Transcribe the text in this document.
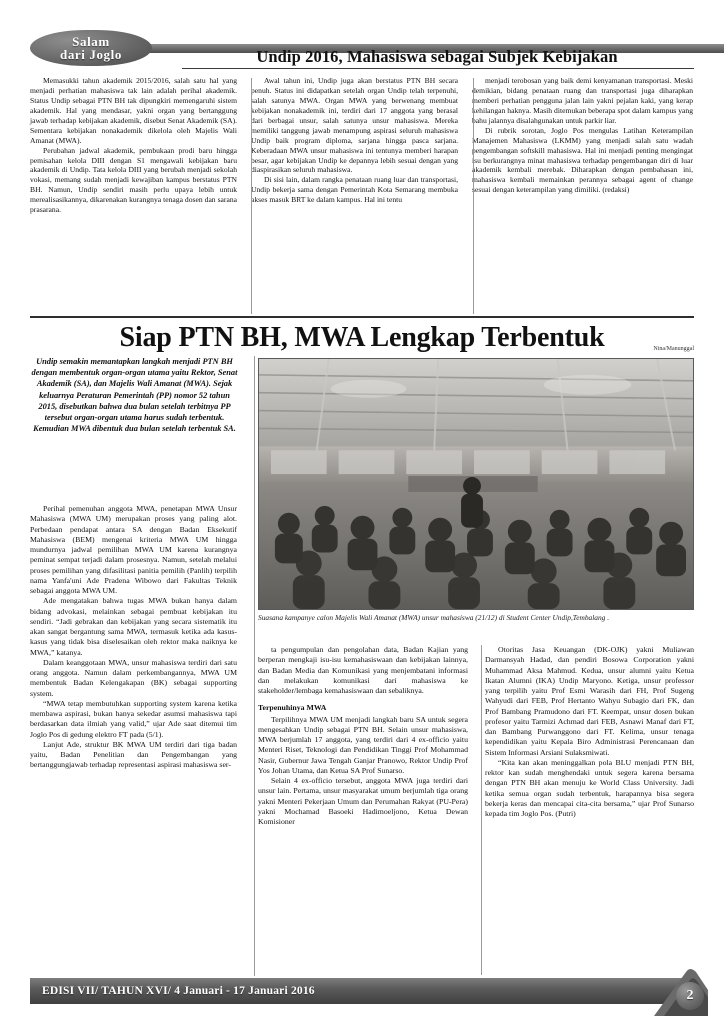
Salam
dari Joglo	Undip 2016, Mahasiswa sebagai Subjek Kebijakan

Memasukki tahun akademik 2015/2016, salah satu hal yang menjadi perhatian mahasiswa tak lain adalah perihal akademik. Status Undip sebagai PTN BH tak dipungkiri memengaruhi sistem akademik. Hal yang mendasar, yakni organ yang bertanggung jawab terhadap kebijakan akademik, disebut Senat Akademik (SA). Sementara kebijakan nonakademik dikelola oleh Majelis Wali Amanat (MWA).

Perubahan jadwal akademik, pembukaan prodi baru hingga pemisahan kelola DIII dengan S1 mengawali kebijakan baru akademik di Undip. Tata kelola DIII yang berubah menjadi sekolah vokasi, memang sudah menjadi kewajiban kampus berstatus PTN BH. Namun, Undip sendiri masih perlu upaya lebih untuk merealisasikannya, dikarenakan kurangnya tenaga dosen dan sarana prasarana.

Awal tahun ini, Undip juga akan berstatus PTN BH secara penuh. Status ini didapatkan setelah organ Undip telah terpenuhi, salah satunya MWA. Organ MWA yang berwenang membuat kebijakan nonakademik ini, terdiri dari 17 anggota yang berasal dari berbagai unsur, salah satunya unsur mahasiswa. Mereka memiliki tanggung jawab menampung aspirasi seluruh mahasiswa Undip baik program diploma, sarjana hingga pasca sarjana. Keberadaan MWA unsur mahasiswa ini tentunya memberi harapan besar, agar kebijakan Undip ke depannya lebih sesuai dengan yang diaspirasikan seluruh mahasiswa.

Di sisi lain, dalam rangka penataan ruang luar dan transportasi, Undip bekerja sama dengan Pemerintah Kota Semarang membuka akses masuk BRT ke dalam kampus. Hal ini tentu

menjadi terobosan yang baik demi kenyamanan transportasi. Meski demikian, bidang penataan ruang dan transportasi juga diharapkan memberi perhatian pengguna jalan lain yakni pejalan kaki, yang kerap kehilangan haknya. Masih ditemukan beberapa spot dalam kampus yang bahu jalannya disalahgunakan untuk parkir liar.

Di rubrik sorotan, Joglo Pos mengulas Latihan Keterampilan Manajemen Mahasiswa (LKMM) yang menjadi salah satu wadah pengembangan softskill mahasiswa. Hal ini menjadi penting mengingat isu berkurangnya minat mahasiswa terhadap pengembangan diri di luar akademik kembali merebak. Diharapkan dengan pembahasan ini, mahasiswa kembali memainkan perannya sebagai agent of change sesuai dengan keterampilan yang dimiliki. (redaksi)

Siap PTN BH, MWA Lengkap Terbentuk	Nina/Manunggal
Undip semakin memantapkan langkah menjadi PTN BH dengan membentuk organ-organ utama yaitu Rektor, Senat Akademik (SA), dan Majelis Wali Amanat (MWA). Sejak keluarnya Peraturan Pemerintah (PP) nomor 52 tahun 2015, disebutkan bahwa dua bulan setelah terbitnya PP tersebut organ-organ utama harus sudah terbentuk. Kemudian MWA dibentuk dua bulan setelah terbentuk SA.

Perihal pemenuhan anggota MWA, penetapan MWA Unsur Mahasiswa (MWA UM) merupakan proses yang paling alot. Perbedaan pendapat antara SA dengan Badan Eksekutif Mahasiswa (BEM) mengenai kriteria MWA UM hingga mundurnya jadwal pemilihan MWA UM karena kurangnya peminat sempat terjadi dalam prosesnya. Namun, setelah melalui proses pemilihan yang difasilitasi panitia pemilih (Panlih) terpilih nama Yanfa'uni Ade Pradena Wibowo dari Fakultas Teknik sebagai anggota MWA UM.

Ade mengatakan bahwa tugas MWA bukan hanya dalam bidang advokasi, melainkan sebagai pembuat kebijakan itu sendiri. “Jadi gebrakan dan kebijakan yang secara sistematik itu akan sangat bergantung sama MWA, termasuk ketika ada kasus-kasus yang tidak bisa diselesaikan oleh rektor maka naiknya ke MWA,” katanya.

Dalam keanggotaan MWA, unsur mahasiswa terdiri dari satu orang anggota. Namun dalam perkembangannya, MWA UM membentuk Badan Kelengakapan (BK) sebagai supporting system.

“MWA tetap membutuhkan supporting system karena ketika membawa aspirasi, bukan hanya sekedar asumsi mahasiswa tapi berdasarkan data ilmiah yang valid,” ujar Ade saat ditemui tim Joglo Pos di gedung elektro FT pada (5/1).

Lanjut Ade, struktur BK MWA UM terdiri dari tiga badan yaitu, Badan Penelitian dan Pengembangan yang bertanggungjawab terhadap representasi aspirasi mahasiswa ser-

Suasana kampanye calon Majelis Wali Amanat (MWA) unsur mahasiswa (21/12) di Student Center Undip,Tembalang .

ta pengumpulan dan pengolahan data, Badan Kajian yang berperan mengkaji isu-isu kemahasiswaan dan kebijakan lainnya, dan Badan Media dan Komunikasi yang menjembatani informasi dan melakukan komunikasi dari mahasiswa ke stakeholder/lembaga kemahasiswaan dan sebaliknya.

Terpenuhinya MWA

Terpilihnya MWA UM menjadi langkah baru SA untuk segera mengesahkan Undip sebagai PTN BH. Selain unsur mahasiswa, MWA berjumlah 17 anggota, yang terdiri dari 4 ex-officio yaitu Menteri Riset, Teknologi dan Pendidikan Tinggi Prof Mohammad Nasir, Gubernur Jawa Tengah Ganjar Pranowo, Rektor Undip Prof Yos Johan Utama, dan Ketua SA Prof Sunarso.

Selain 4 ex-officio tersebut, anggota MWA juga terdiri dari unsur lain. Pertama, unsur masyarakat umum berjumlah tiga orang yakni Menteri Pekerjaan Umum dan Perumahan Rakyat (PU-Pera) yakni Mochamad Basoeki Hadimoeljono, Ketua Dewan Komisioner

Otoritas Jasa Keuangan (DK-OJK) yakni Muliawan Darmansyah Hadad, dan pendiri Bosowa Corporation yakni Muhammad Aksa Mahmud. Kedua, unsur alumni yaitu Ketua Ikatan Alumni (IKA) Undip Maryono. Ketiga, unsur professor yang terpilih yaitu Prof Esmi Warasih dari FH, Prof Sugeng Wahyudi dari FEB, Prof Hertanto Wahyu Subagio dari FK, dan Prof Bambang Pramudono dari FT. Keempat, unsur dosen bukan profesor yaitu Tarmizi Achmad dari FEB, Asnawi Manaf dari FT, dan Bambang Purwanggono dari FT. Kelima, unsur tenaga kependidikan yaitu Kepala Biro Administrasi Perencanaan dan Sistem Informasi Arsiani Sulaksmiwati.

“Kita kan akan meninggalkan pola BLU menjadi PTN BH, rektor kan sudah menghendaki untuk segera karena bersama dengan PTN BH akan menuju ke World Class University. Jadi ketika semua organ sudah terbentuk, harapannya bisa segera bekerja keras dan mencapai cita-cita bersama,” ujar Prof Sunarso kepada tim Joglo Pos. (Putri)

EDISI VII/ TAHUN XVI/ 4 Januari - 17 Januari 2016	2
